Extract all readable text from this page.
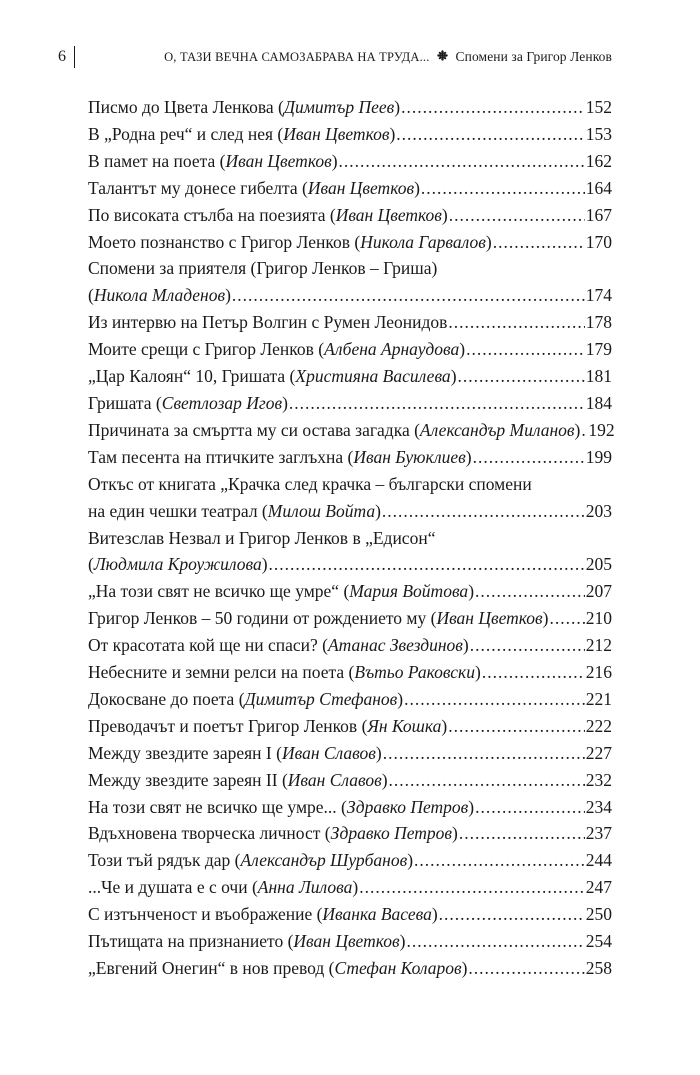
6	О, ТАЗИ ВЕЧНА САМОЗАБРАВА НА ТРУДА... Спомени за Григор Ленков
Писмо до Цвета Ленкова (Димитър Пеев) .....	152
В „Родна реч“ и след нея (Иван Цветков) .....	153
В памет на поета (Иван Цветков) .....	162
Талантът му донесе гибелта (Иван Цветков) .....	164
По високата стълба на поезията (Иван Цветков) .....	167
Моето познанство с Григор Ленков (Никола Гарвалов) .....	170
Спомени за приятеля (Григор Ленков – Гриша)
(Никола Младенов) .....	174
Из интервю на Петър Волгин с Румен Леонидов .....	178
Моите срещи с Григор Ленков (Албена Арнаудова) .....	179
„Цар Калоян“ 10, Гришата (Християна Василева) .....	181
Гришата (Светлозар Игов) .....	184
Причината за смъртта му си остава загадка (Александър Миланов) ..... 192
Там песента на птичките заглъхна (Иван Буюклиев) .....	199
Откъс от книгата „Крачка след крачка – български спомени
на един чешки театрал (Милош Войта) .....	203
Витезслав Незвал и Григор Ленков в „Едисон“
(Людмила Кроужилова) .....	205
„На този свят не всичко ще умре“ (Мария Войтова) .....	207
Григор Ленков – 50 години от рождението му (Иван Цветков) ..... 210
От красотата кой ще ни спаси? (Атанас Звездинов) .....	212
Небесните и земни релси на поета (Вътьо Раковски) .....	216
Докосване до поета (Димитър Стефанов) .....	221
Преводачът и поетът Григор Ленков (Ян Кошка) .....	222
Между звездите зареян I (Иван Славов) .....	227
Между звездите зареян II (Иван Славов) .....	232
На този свят не всичко ще умре... (Здравко Петров) .....	234
Вдъхновена творческа личност (Здравко Петров) .....	237
Този тъй рядък дар (Александър Шурбанов) .....	244
...Че и душата е с очи (Анна Лилова) .....	247
С изтънченост и въображение (Иванка Васева) .....	250
Пътищата на признанието (Иван Цветков) .....	254
„Евгений Онегин“ в нов превод (Стефан Коларов) .....	258
